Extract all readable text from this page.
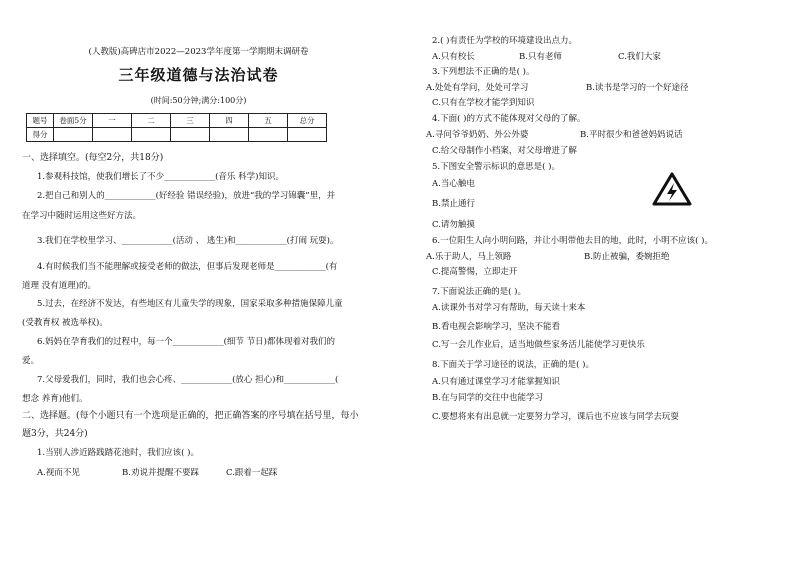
(人教版)高碑店市2022—2023学年度第一学期期末调研卷
三年级道德与法治试卷
(时间:50分钟;满分:100分)
题号	卷面5分	一	二	三	四	五	总分
得分							
一、选择填空。(每空2分，共18分)
1.参观科技馆，使我们增长了不少____________(音乐 科学)知识。
2.把自己和别人的____________(好经验 错误经验)，放进“我的学习锦囊”里，并
在学习中随时运用这些好方法。
3.我们在学校里学习、____________(活动 、 逃生)和____________(打闹 玩耍)。
4.有时候我们当不能理解或接受老师的做法，但事后发现老师是____________(有
道理 没有道理)的。
5.过去，在经济不发达，有些地区有儿童失学的现象，国家采取多种措施保障儿童
(受教育权 被选举权)。
6.妈妈在孕育我们的过程中，每一个____________(细节 节日)都体现着对我们的
爱。
7.父母爱我们，同时，我们也会心疼、____________(放心 担心)和____________(
想念 养育)他们。
二、选择题。(每个小题只有一个选项是正确的，把正确答案的序号填在括号里，每小
题3分，共24分)
1.当别人涉近路践踏花池时，我们应该( )。
A.视而不见	B.劝说并提醒不要踩	C.跟着一起踩
2.( )有责任为学校的环境建设出点力。
A.只有校长	B.只有老师	C.我们大家
3.下列想法不正确的是( )。
A.处处有学问，处处可学习	B.读书是学习的一个好途径
C.只有在学校才能学到知识
4.下面( )的方式不能体现对父母的了解。
A.寻问爷爷奶奶、外公外婆	B.平时很少和爸爸妈妈说话
C.给父母制作小档案，对父母增进了解
5.下图安全警示标识的意思是( )。
A.当心触电
B.禁止通行
C.请勿触摸
6.一位阳生人向小明问路，并让小明带他去目的地，此时，小明不应该( )。
A.乐于助人，马上领路	B.防止被骗，委婉拒绝
C.提高警惕，立即走开
7.下面说法正确的是( )。
A.读课外书对学习有帮助，每天读十来本
B.看电视会影响学习，坚决不能看
C.写一会儿作业后，适当地做些家务活儿能使学习更快乐
8.下面关于学习途径的说法，正确的是( )。
A.只有通过课堂学习才能掌握知识
B.在与同学的交往中也能学习
C.要想将来有出息就一定要努力学习，课后也不应该与同学去玩耍
